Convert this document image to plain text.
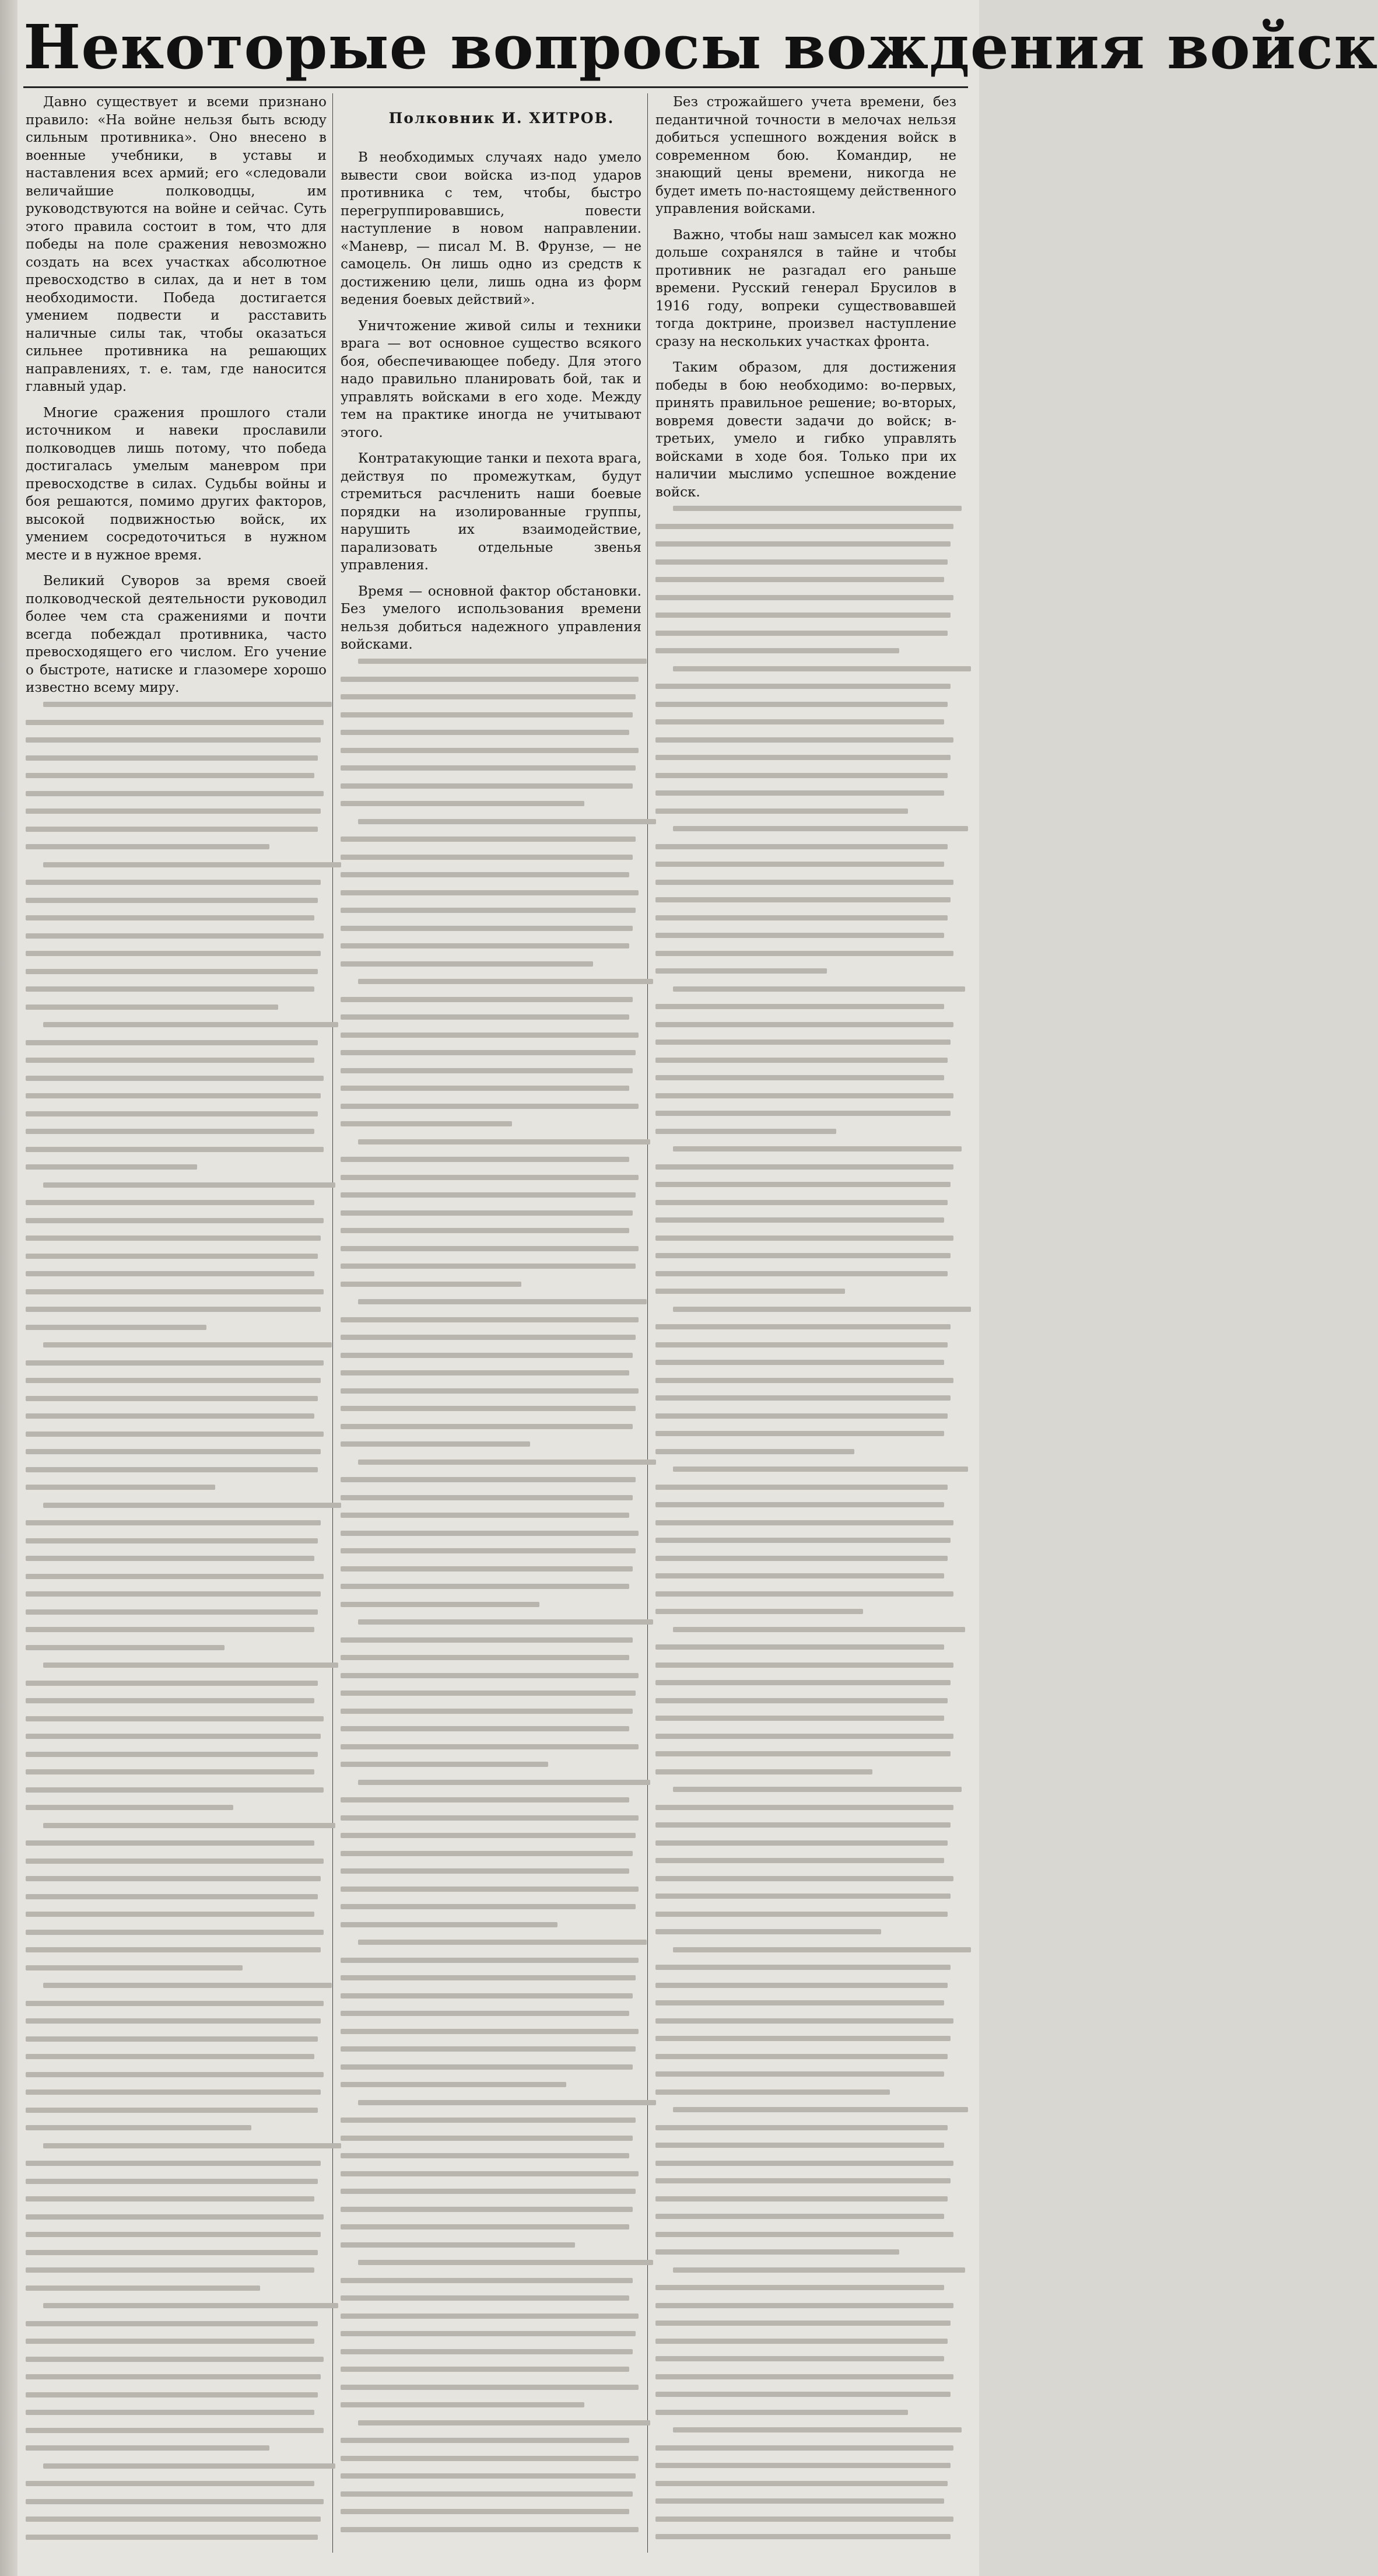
Некоторые вопросы вождения войск
Полковник И. ХИТРОВ.

Давно существует и всеми признано правило: «На войне нельзя быть всюду сильным противника». Оно внесено в военные учебники, в уставы и наставления всех армий; его «следовали величайшие полководцы, им руководствуются на войне и сейчас. Суть этого правила состоит в том, что для победы на поле сражения невозможно создать на всех участках абсолютное превосходство в силах, да и нет в том необходимости. Победа достигается умением подвести и расставить наличные силы так, чтобы оказаться сильнее противника на решающих направлениях, т. е. там, где наносится главный удар.

Многие сражения прошлого стали источником и навеки прославили полководцев лишь потому, что победа достигалась умелым маневром при превосходстве в силах. Судьбы войны и боя решаются, помимо других факторов, высокой подвижностью войск, их умением сосредоточиться в нужном месте и в нужное время.

Великий Суворов за время своей полководческой деятельности руководил более чем ста сражениями и почти всегда побеждал противника, часто превосходящего его числом. Его учение о быстроте, натиске и глазомере хорошо известно всему миру.

В необходимых случаях надо умело вывести свои войска из-под ударов противника с тем, чтобы, быстро перегруппировавшись, повести наступление в новом направлении. «Маневр, — писал М. В. Фрунзе, — не самоцель. Он лишь одно из средств к достижению цели, лишь одна из форм ведения боевых действий».

Уничтожение живой силы и техники врага — вот основное существо всякого боя, обеспечивающее победу. Для этого надо правильно планировать бой, так и управлять войсками в его ходе. Между тем на практике иногда не учитывают этого.

Контратакующие танки и пехота врага, действуя по промежуткам, будут стремиться расчленить наши боевые порядки на изолированные группы, нарушить их взаимодействие, парализовать отдельные звенья управления.

Время — основной фактор обстановки. Без умелого использования времени нельзя добиться надежного управления войсками.

Без строжайшего учета времени, без педантичной точности в мелочах нельзя добиться успешного вождения войск в современном бою. Командир, не знающий цены времени, никогда не будет иметь по-настоящему действенного управления войсками.

Важно, чтобы наш замысел как можно дольше сохранялся в тайне и чтобы противник не разгадал его раньше времени. Русский генерал Брусилов в 1916 году, вопреки существовавшей тогда доктрине, произвел наступление сразу на нескольких участках фронта.

Таким образом, для достижения победы в бою необходимо: во-первых, принять правильное решение; во-вторых, вовремя довести задачи до войск; в-третьих, умело и гибко управлять войсками в ходе боя. Только при их наличии мыслимо успешное вождение войск.
